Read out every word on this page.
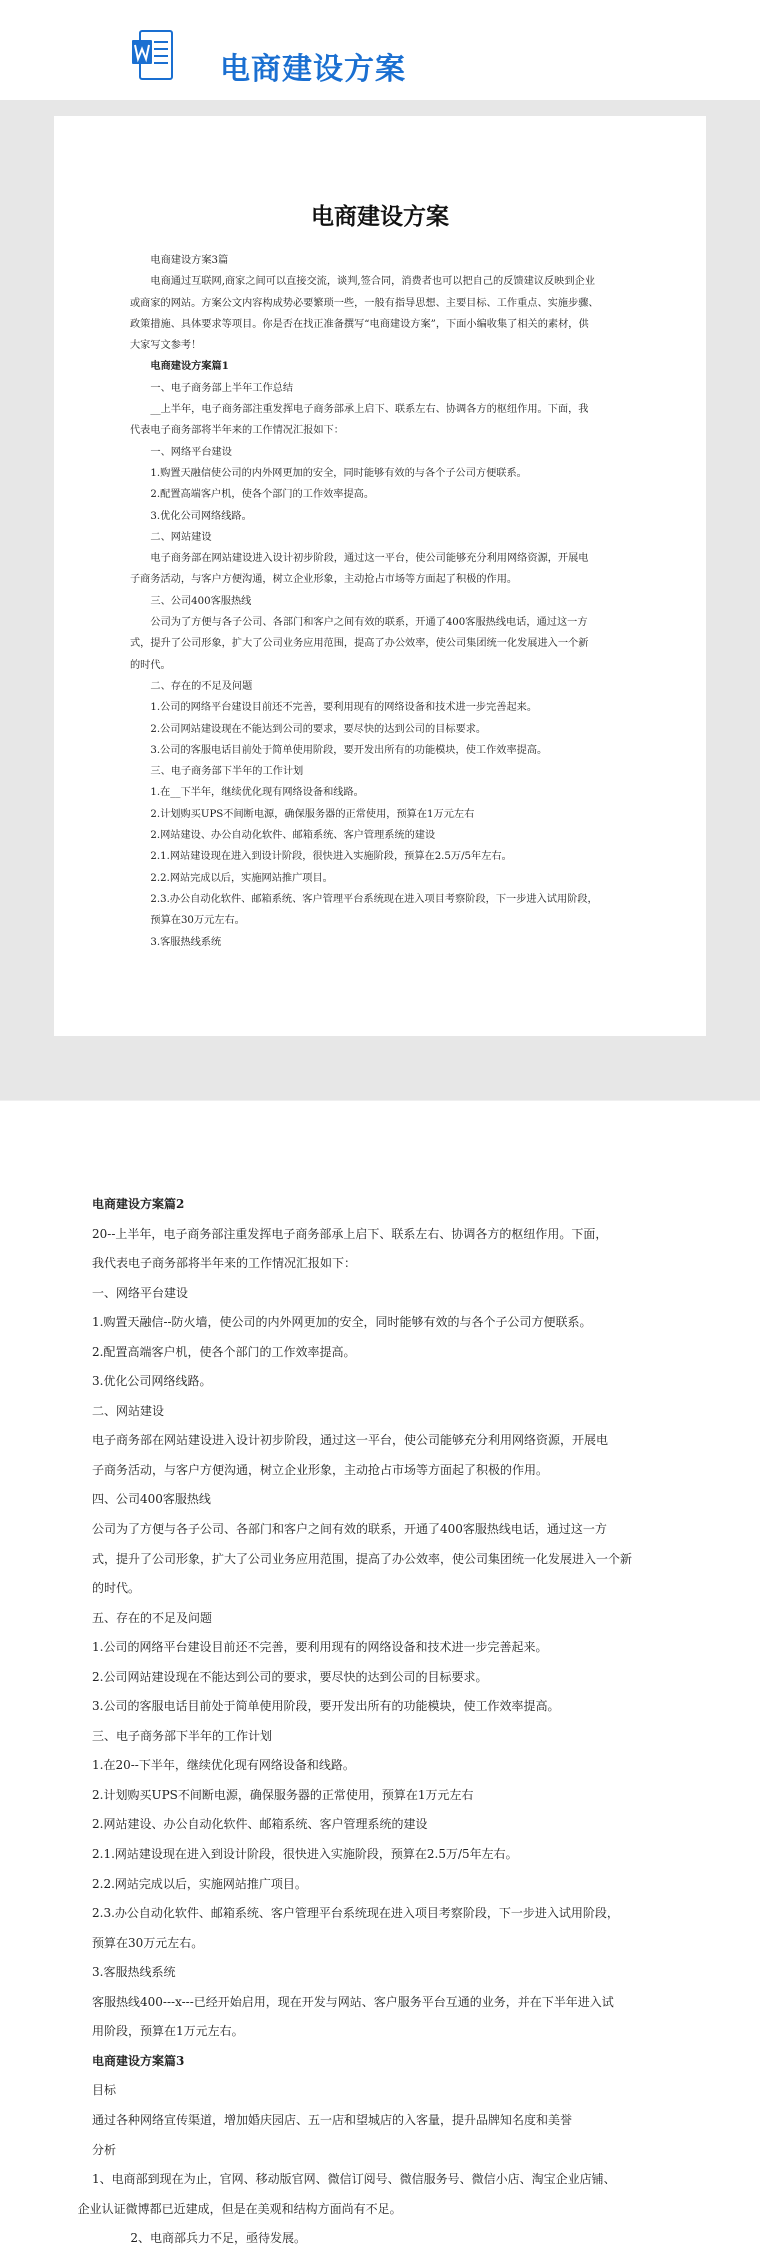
电商建设方案
电商建设方案
电商建设方案3篇
电商通过互联网,商家之间可以直接交流，谈判,签合同，消费者也可以把自己的反馈建议反映到企业
或商家的网站。方案公文内容构成势必要繁琐一些，一般有指导思想、主要目标、工作重点、实施步骤、
政策措施、具体要求等项目。你是否在找正准备撰写“电商建设方案”，下面小编收集了相关的素材，供
大家写文参考！
电商建设方案篇1
一、电子商务部上半年工作总结
__上半年，电子商务部注重发挥电子商务部承上启下、联系左右、协调各方的枢纽作用。下面，我
代表电子商务部将半年来的工作情况汇报如下：
一、网络平台建设
1.购置天融信使公司的内外网更加的安全，同时能够有效的与各个子公司方便联系。
2.配置高端客户机，使各个部门的工作效率提高。
3.优化公司网络线路。
二、网站建设
电子商务部在网站建设进入设计初步阶段，通过这一平台，使公司能够充分利用网络资源，开展电
子商务活动，与客户方便沟通，树立企业形象，主动抢占市场等方面起了积极的作用。
三、公司400客服热线
公司为了方便与各子公司、各部门和客户之间有效的联系，开通了400客服热线电话，通过这一方
式，提升了公司形象，扩大了公司业务应用范围，提高了办公效率，使公司集团统一化发展进入一个新
的时代。
二、存在的不足及问题
1.公司的网络平台建设目前还不完善，要利用现有的网络设备和技术进一步完善起来。
2.公司网站建设现在不能达到公司的要求，要尽快的达到公司的目标要求。
3.公司的客服电话目前处于简单使用阶段，要开发出所有的功能模块，使工作效率提高。
三、电子商务部下半年的工作计划
1.在__下半年，继续优化现有网络设备和线路。
2.计划购买UPS不间断电源，确保服务器的正常使用，预算在1万元左右
2.网站建设、办公自动化软件、邮箱系统、客户管理系统的建设
2.1.网站建设现在进入到设计阶段，很快进入实施阶段，预算在2.5万/5年左右。
2.2.网站完成以后，实施网站推广项目。
2.3.办公自动化软件、邮箱系统、客户管理平台系统现在进入项目考察阶段，下一步进入试用阶段，
预算在30万元左右。
3.客服热线系统
电商建设方案篇2
20--上半年，电子商务部注重发挥电子商务部承上启下、联系左右、协调各方的枢纽作用。下面，
我代表电子商务部将半年来的工作情况汇报如下：
一、网络平台建设
1.购置天融信--防火墙，使公司的内外网更加的安全，同时能够有效的与各个子公司方便联系。
2.配置高端客户机，使各个部门的工作效率提高。
3.优化公司网络线路。
二、网站建设
电子商务部在网站建设进入设计初步阶段，通过这一平台，使公司能够充分利用网络资源，开展电
子商务活动，与客户方便沟通，树立企业形象，主动抢占市场等方面起了积极的作用。
四、公司400客服热线
公司为了方便与各子公司、各部门和客户之间有效的联系，开通了400客服热线电话，通过这一方
式，提升了公司形象，扩大了公司业务应用范围，提高了办公效率，使公司集团统一化发展进入一个新
的时代。
五、存在的不足及问题
1.公司的网络平台建设目前还不完善，要利用现有的网络设备和技术进一步完善起来。
2.公司网站建设现在不能达到公司的要求，要尽快的达到公司的目标要求。
3.公司的客服电话目前处于简单使用阶段，要开发出所有的功能模块，使工作效率提高。
三、电子商务部下半年的工作计划
1.在20--下半年，继续优化现有网络设备和线路。
2.计划购买UPS不间断电源，确保服务器的正常使用，预算在1万元左右
2.网站建设、办公自动化软件、邮箱系统、客户管理系统的建设
2.1.网站建设现在进入到设计阶段，很快进入实施阶段，预算在2.5万/5年左右。
2.2.网站完成以后，实施网站推广项目。
2.3.办公自动化软件、邮箱系统、客户管理平台系统现在进入项目考察阶段，下一步进入试用阶段，
预算在30万元左右。
3.客服热线系统
客服热线400---x---已经开始启用，现在开发与网站、客户服务平台互通的业务，并在下半年进入试
用阶段，预算在1万元左右。
电商建设方案篇3
目标
通过各种网络宣传渠道，增加婚庆园店、五一店和望城店的入客量，提升品牌知名度和美誉
分析
1、电商部到现在为止，官网、移动版官网、微信订阅号、微信服务号、微信小店、淘宝企业店铺、
企业认证微博都已近建成，但是在美观和结构方面尚有不足。
2、电商部兵力不足，亟待发展。
